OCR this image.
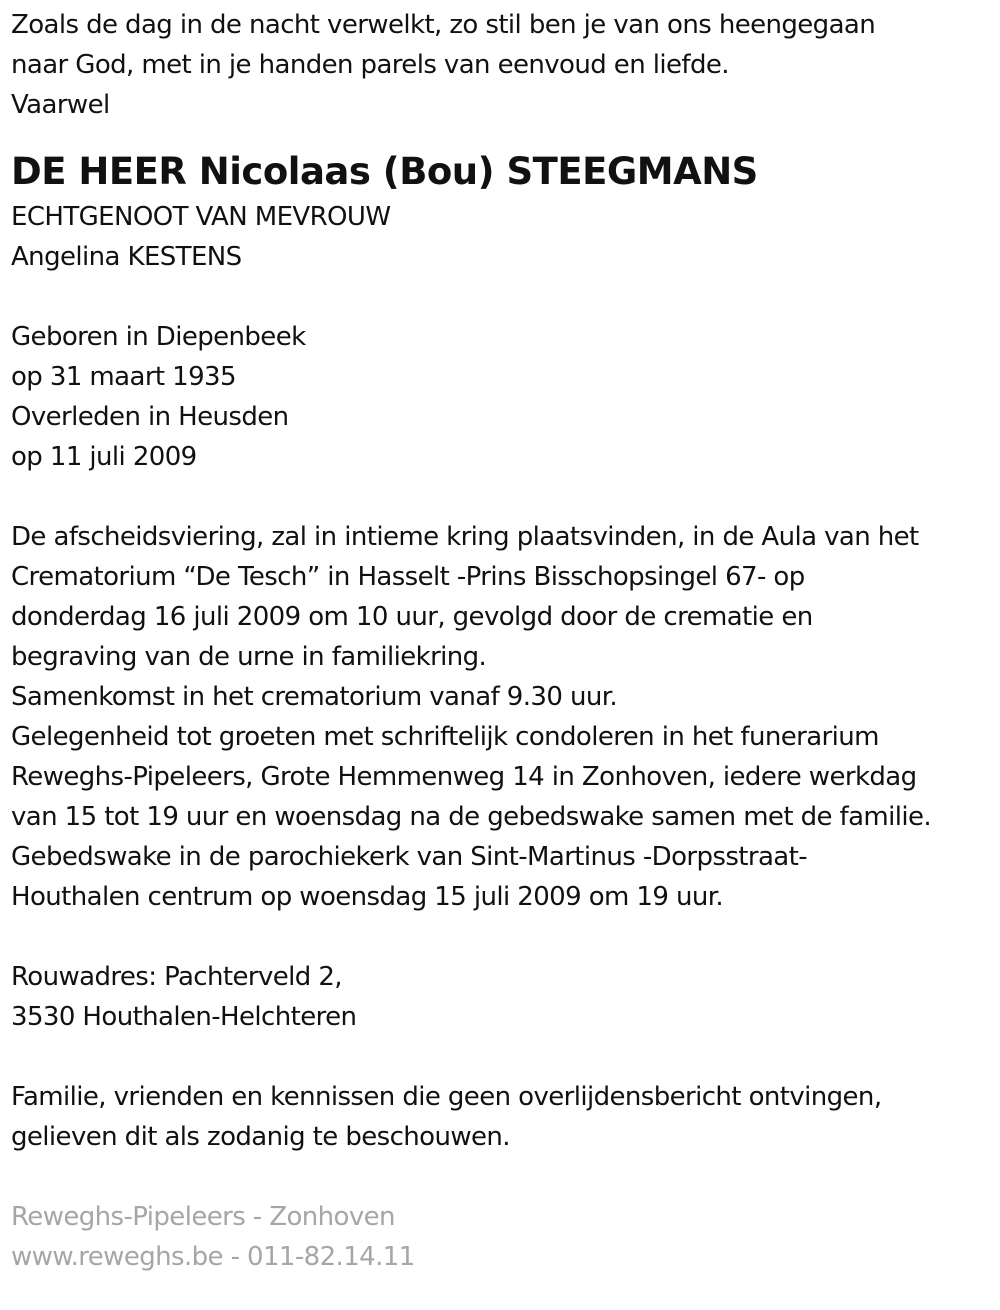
Zoals de dag in de nacht verwelkt, zo stil ben je van ons heengegaan
naar God, met in je handen parels van eenvoud en liefde.
Vaarwel
DE HEER Nicolaas (Bou) STEEGMANS
ECHTGENOOT VAN MEVROUW
Angelina KESTENS
Geboren in Diepenbeek
op 31 maart 1935
Overleden in Heusden
op 11 juli 2009
De afscheidsviering, zal in intieme kring plaatsvinden, in de Aula van het
Crematorium “De Tesch” in Hasselt -Prins Bisschopsingel 67- op
donderdag 16 juli 2009 om 10 uur, gevolgd door de crematie en
begraving van de urne in familiekring.
Samenkomst in het crematorium vanaf 9.30 uur.
Gelegenheid tot groeten met schriftelijk condoleren in het funerarium
Reweghs-Pipeleers, Grote Hemmenweg 14 in Zonhoven, iedere werkdag
van 15 tot 19 uur en woensdag na de gebedswake samen met de familie.
Gebedswake in de parochiekerk van Sint-Martinus -Dorpsstraat-
Houthalen centrum op woensdag 15 juli 2009 om 19 uur.
Rouwadres: Pachterveld 2,
3530 Houthalen-Helchteren
Familie, vrienden en kennissen die geen overlijdensbericht ontvingen,
gelieven dit als zodanig te beschouwen.
Reweghs-Pipeleers - Zonhoven
www.reweghs.be - 011-82.14.11
